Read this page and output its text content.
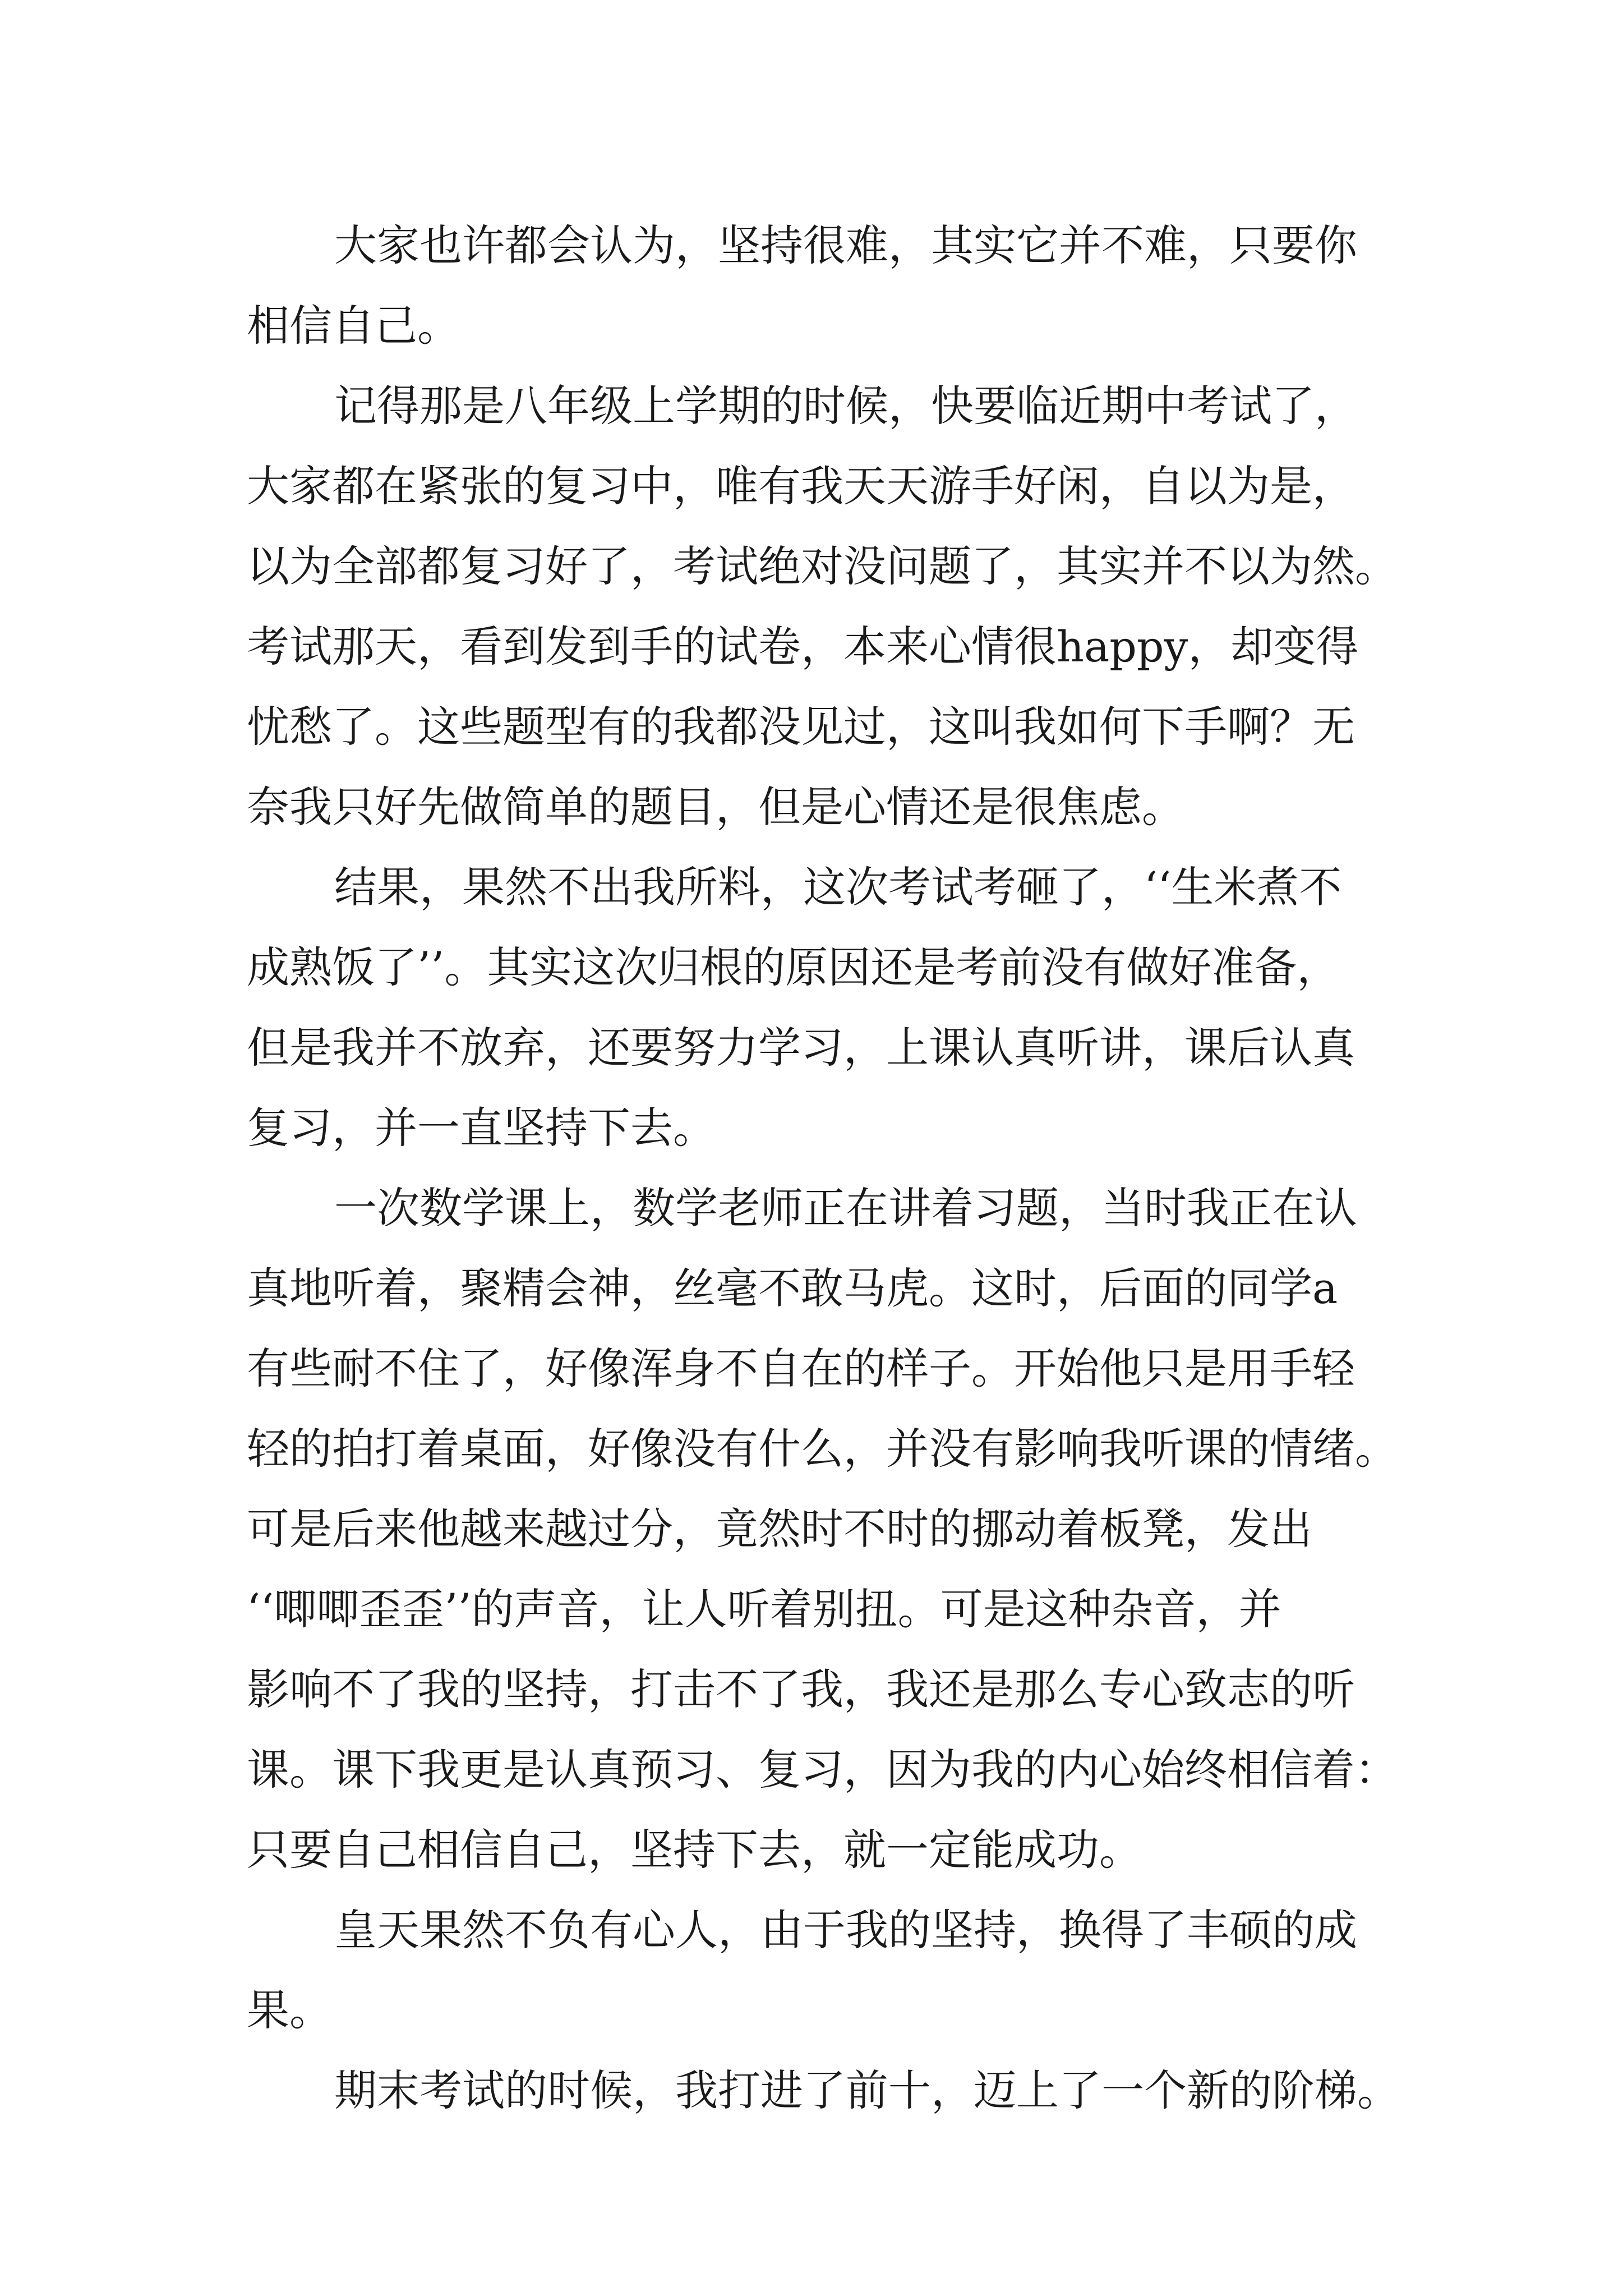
大家也许都会认为，坚持很难，其实它并不难，只要你
相信自己。
记得那是八年级上学期的时候，快要临近期中考试了，
大家都在紧张的复习中，唯有我天天游手好闲，自以为是，
以为全部都复习好了，考试绝对没问题了，其实并不以为然。
考试那天，看到发到手的试卷，本来心情很happy，却变得
忧愁了。这些题型有的我都没见过，这叫我如何下手啊？无
奈我只好先做简单的题目，但是心情还是很焦虑。
结果，果然不出我所料，这次考试考砸了，‘‘生米煮不
成熟饭了’’。其实这次归根的原因还是考前没有做好准备，
但是我并不放弃，还要努力学习，上课认真听讲，课后认真
复习，并一直坚持下去。
一次数学课上，数学老师正在讲着习题，当时我正在认
真地听着，聚精会神，丝毫不敢马虎。这时，后面的同学a
有些耐不住了，好像浑身不自在的样子。开始他只是用手轻
轻的拍打着桌面，好像没有什么，并没有影响我听课的情绪。
可是后来他越来越过分，竟然时不时的挪动着板凳，发出
‘‘唧唧歪歪’’的声音，让人听着别扭。可是这种杂音，并
影响不了我的坚持，打击不了我，我还是那么专心致志的听
课。课下我更是认真预习、复习，因为我的内心始终相信着：
只要自己相信自己，坚持下去，就一定能成功。
皇天果然不负有心人，由于我的坚持，换得了丰硕的成
果。
期末考试的时候，我打进了前十，迈上了一个新的阶梯。
